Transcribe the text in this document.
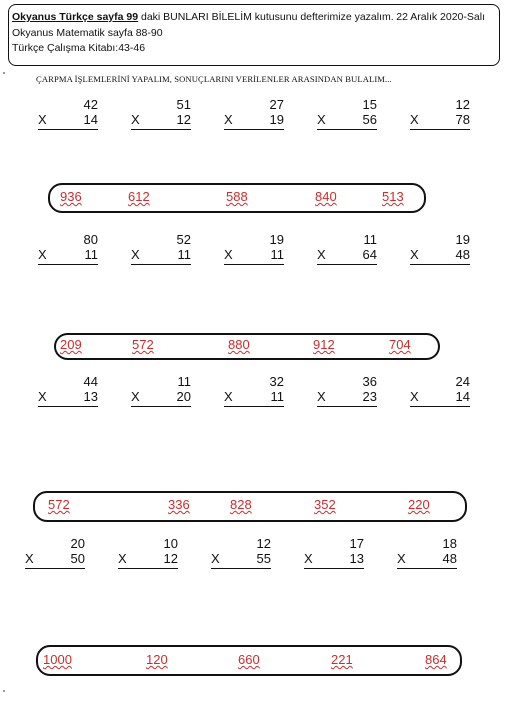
Okyanus Türkçe sayfa 99 daki BUNLARI BİLELİM kutusunu defterimize yazalım. 22 Aralık 2020-Salı
Okyanus Matematik sayfa 88-90
Türkçe Çalışma Kitabı:43-46
ÇARPMA İŞLEMLERİNİ YAPALIM, SONUÇLARINI VERİLENLER ARASINDAN BULALIM...
42
X	14
51
X	12
27
X	19
15
X	56
12
X	78
936	612	588	840	513
80
X	11
52
X	11
19
X	11
11
X	64
19
X	48
209	572	880	912	704
44
X	13
11
X	20
32
X	11
36
X	23
24
X	14
572	336	828	352	220
20
X	50
10
X	12
12
X	55
17
X	13
18
X	48
1000	120	660	221	864
